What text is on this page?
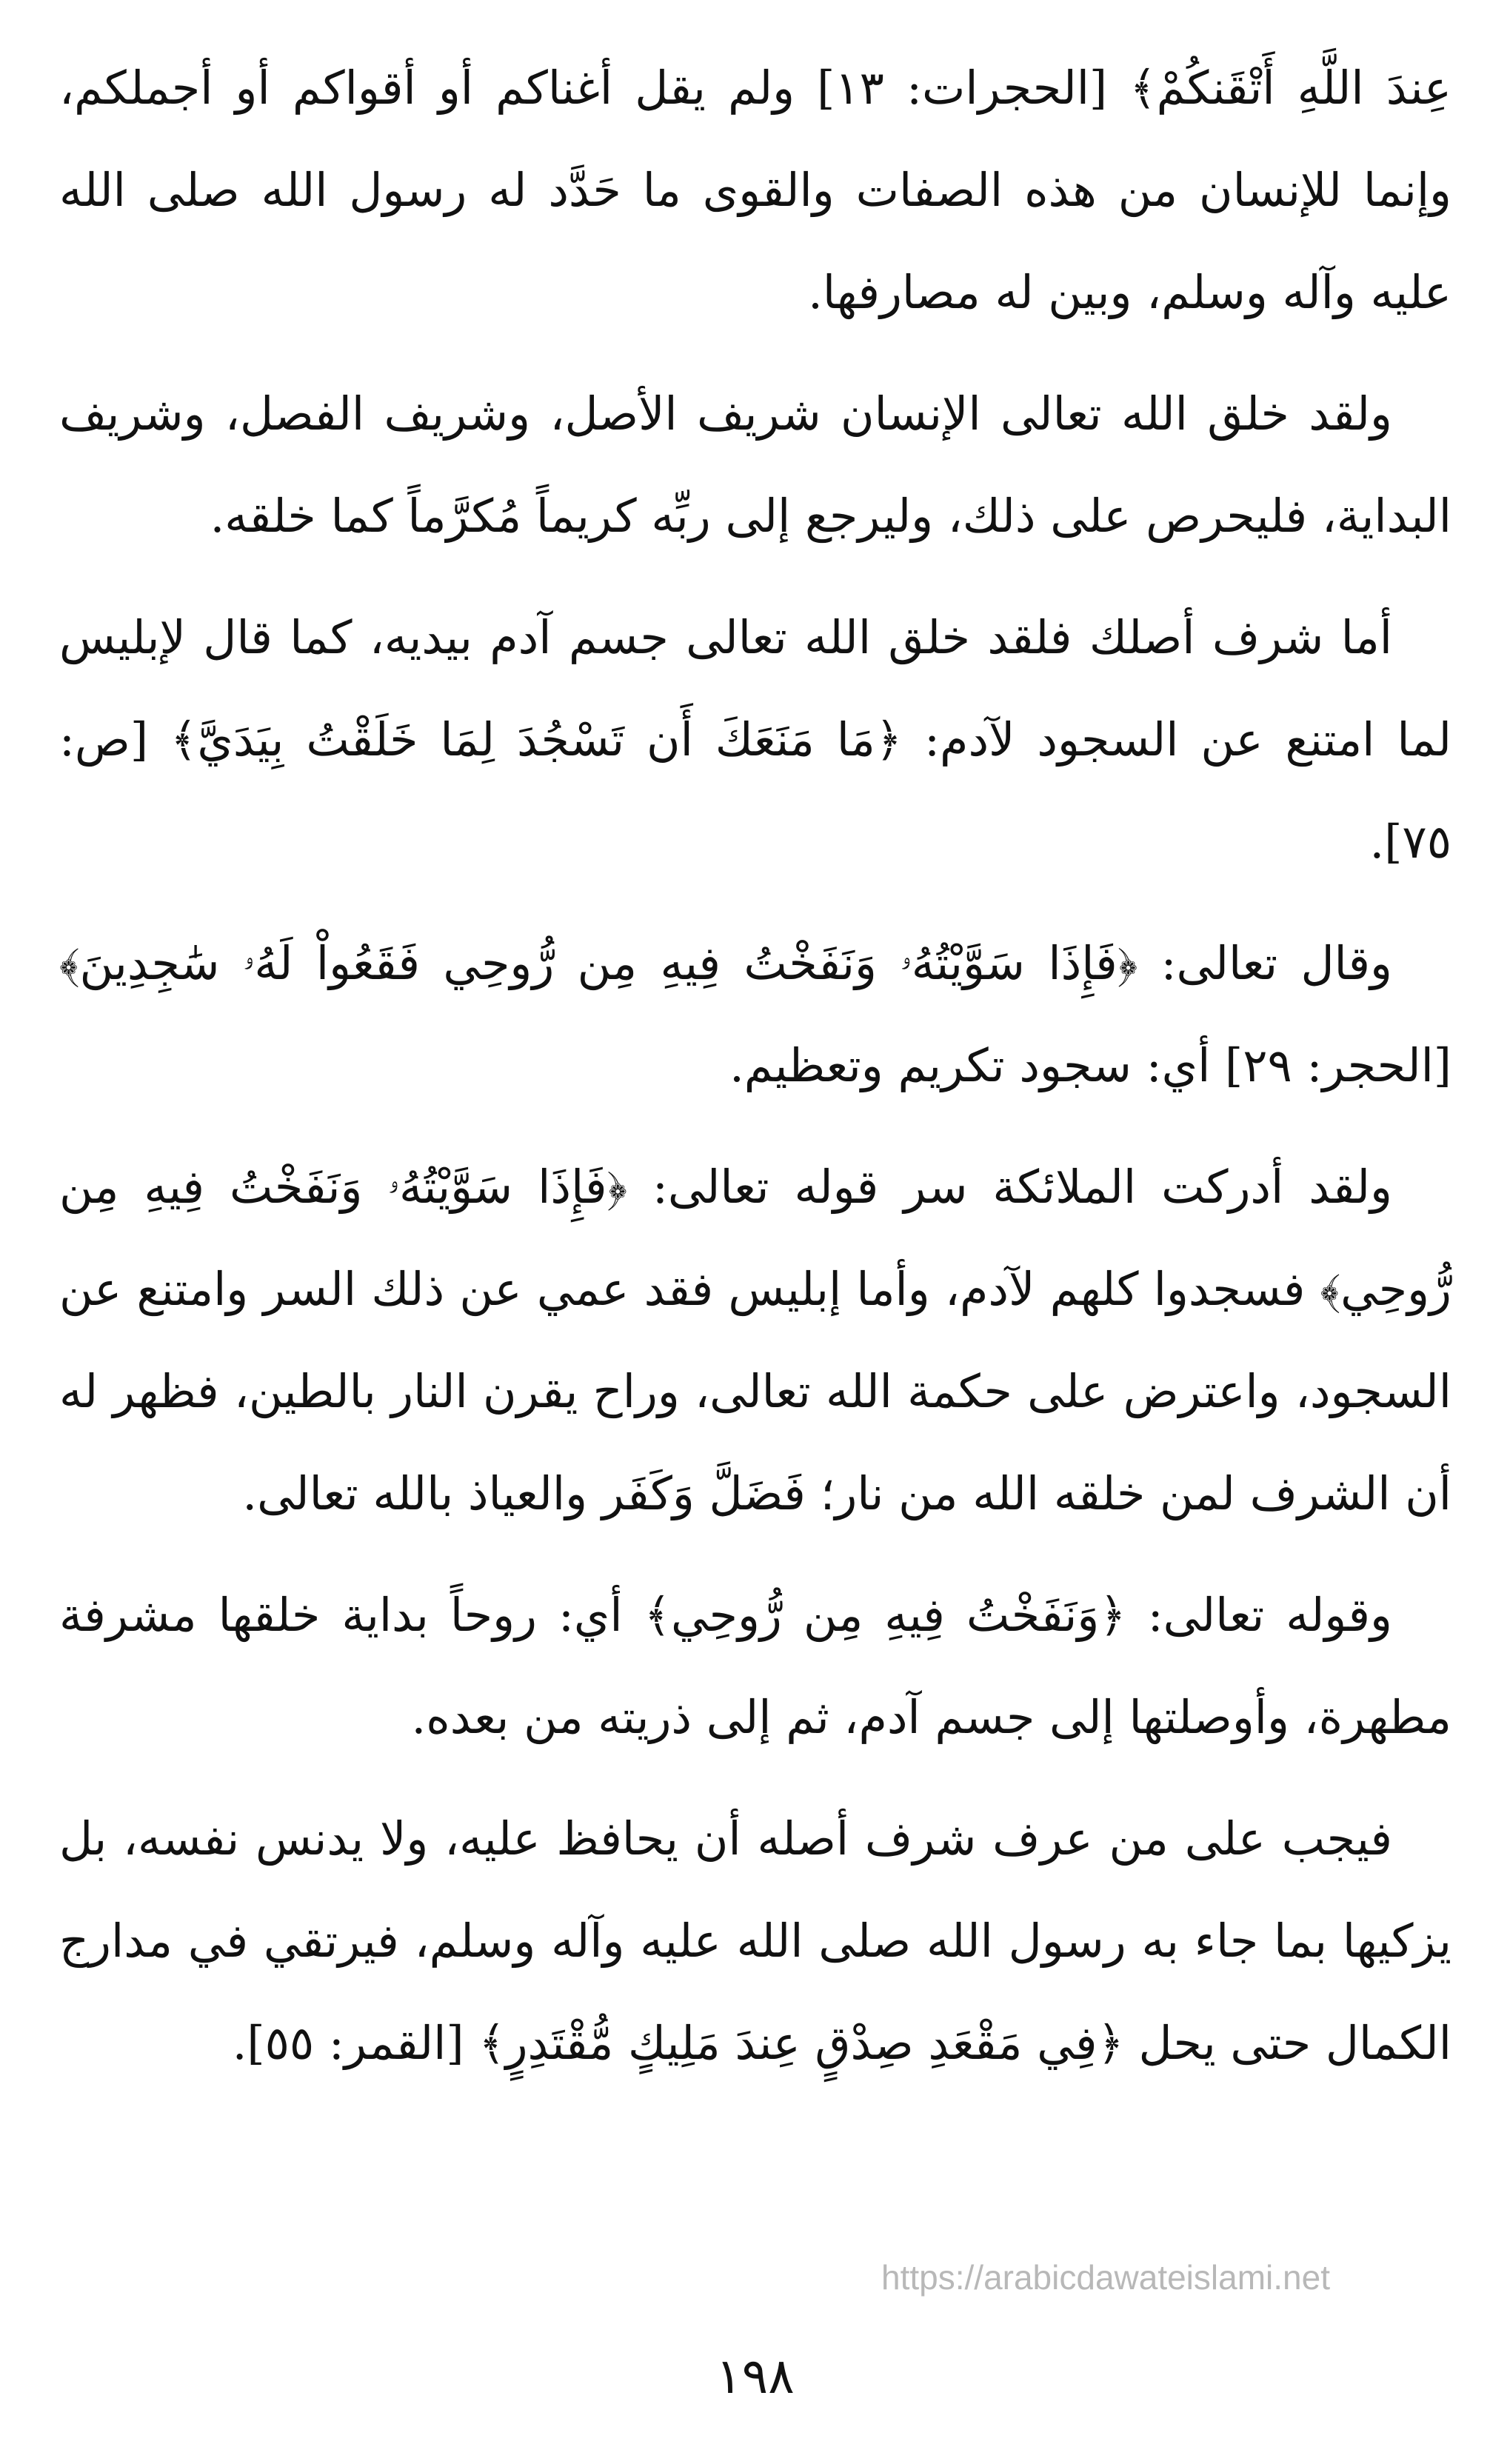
عِندَ اللَّهِ أَتْقَنكُمْ﴾ [الحجرات: ١٣] ولم يقل أغناكم أو أقواكم أو أجملكم، وإنما للإنسان من هذه الصفات والقوى ما حَدَّد له رسول الله صلى الله عليه وآله وسلم، وبين له مصارفها.

ولقد خلق الله تعالى الإنسان شريف الأصل، وشريف الفصل، وشريف البداية، فليحرص على ذلك، وليرجع إلى ربِّه كريماً مُكرَّماً كما خلقه.

أما شرف أصلك فلقد خلق الله تعالى جسم آدم بيديه، كما قال لإبليس لما امتنع عن السجود لآدم: ﴿مَا مَنَعَكَ أَن تَسْجُدَ لِمَا خَلَقْتُ بِيَدَيَّ﴾ [ص: ٧٥].

وقال تعالى: ﴿فَإِذَا سَوَّيْتُهُۥ وَنَفَخْتُ فِيهِ مِن رُّوحِي فَقَعُواْ لَهُۥ سَٰجِدِينَ﴾ [الحجر: ٢٩] أي: سجود تكريم وتعظيم.

ولقد أدركت الملائكة سر قوله تعالى: ﴿فَإِذَا سَوَّيْتُهُۥ وَنَفَخْتُ فِيهِ مِن رُّوحِي﴾ فسجدوا كلهم لآدم، وأما إبليس فقد عمي عن ذلك السر وامتنع عن السجود، واعترض على حكمة الله تعالى، وراح يقرن النار بالطين، فظهر له أن الشرف لمن خلقه الله من نار؛ فَضَلَّ وَكَفَر والعياذ بالله تعالى.

وقوله تعالى: ﴿وَنَفَخْتُ فِيهِ مِن رُّوحِي﴾ أي: روحاً بداية خلقها مشرفة مطهرة، وأوصلتها إلى جسم آدم، ثم إلى ذريته من بعده.

فيجب على من عرف شرف أصله أن يحافظ عليه، ولا يدنس نفسه، بل يزكيها بما جاء به رسول الله صلى الله عليه وآله وسلم، فيرتقي في مدارج الكمال حتى يحل ﴿فِي مَقْعَدِ صِدْقٍ عِندَ مَلِيكٍ مُّقْتَدِرٍ﴾ [القمر: ٥٥].

https://arabicdawateislami.net
١٩٨
